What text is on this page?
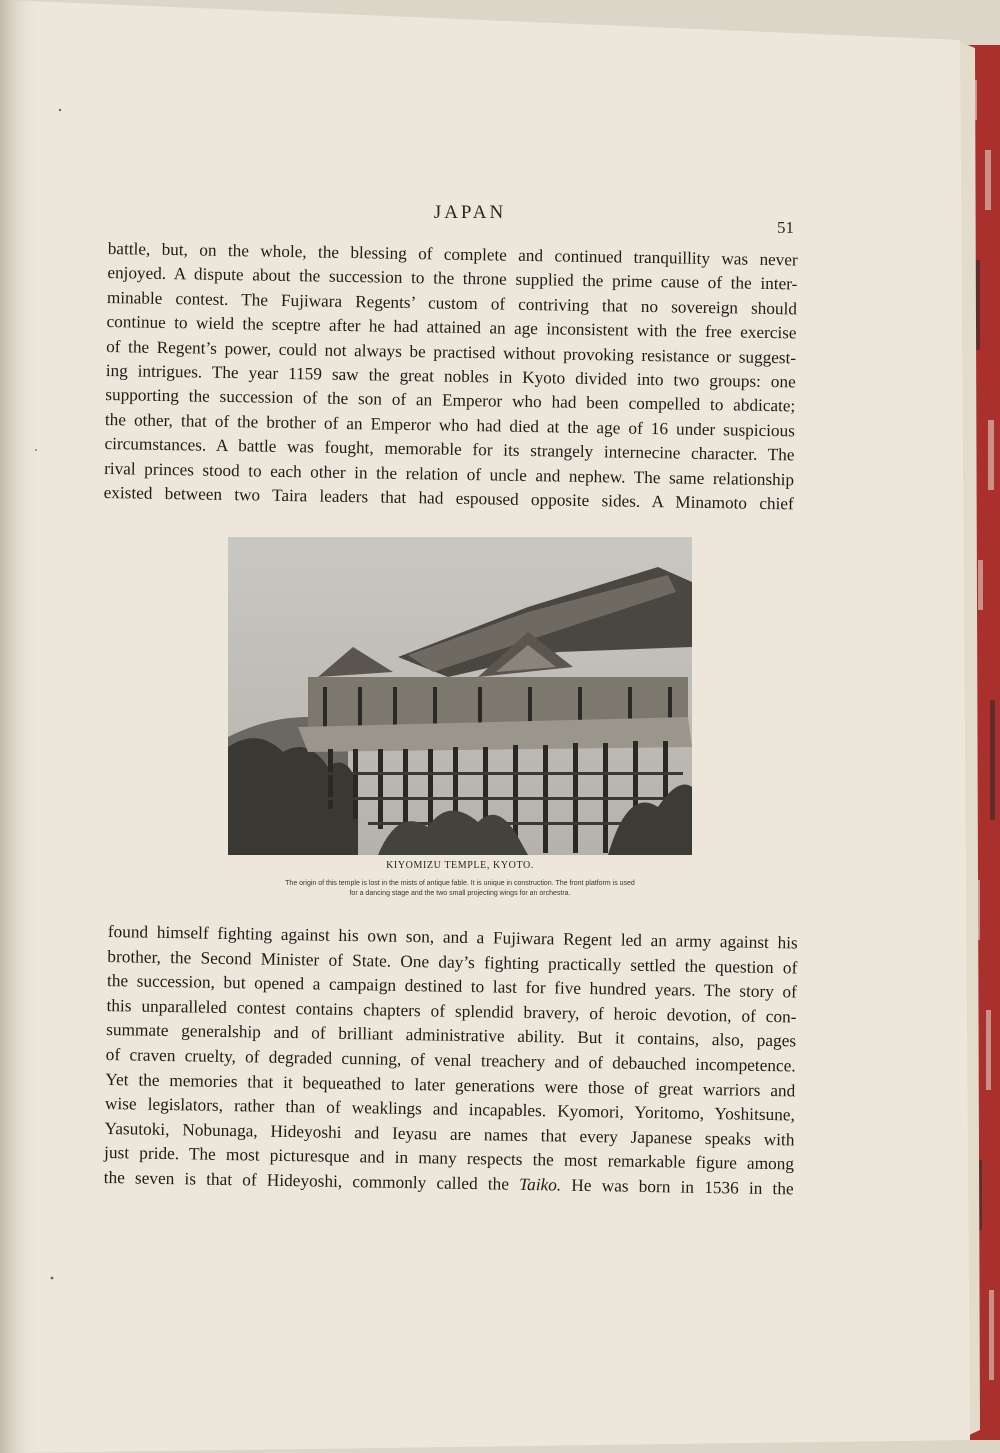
JAPAN
51
battle, but, on the whole, the blessing of complete and continued tranquillity was never
enjoyed. A dispute about the succession to the throne supplied the prime cause of the inter-
minable contest. The Fujiwara Regents’ custom of contriving that no sovereign should
continue to wield the sceptre after he had attained an age inconsistent with the free exercise
of the Regent’s power, could not always be practised without provoking resistance or suggest-
ing intrigues. The year 1159 saw the great nobles in Kyoto divided into two groups: one
supporting the succession of the son of an Emperor who had been compelled to abdicate;
the other, that of the brother of an Emperor who had died at the age of 16 under suspicious
circumstances. A battle was fought, memorable for its strangely internecine character. The
rival princes stood to each other in the relation of uncle and nephew. The same relationship
existed between two Taira leaders that had espoused opposite sides. A Minamoto chief
KIYOMIZU TEMPLE, KYOTO.
The origin of this temple is lost in the mists of antique fable. It is unique in construction. The front platform is used
for a dancing stage and the two small projecting wings for an orchestra.
found himself fighting against his own son, and a Fujiwara Regent led an army against his
brother, the Second Minister of State. One day’s fighting practically settled the question of
the succession, but opened a campaign destined to last for five hundred years. The story of
this unparalleled contest contains chapters of splendid bravery, of heroic devotion, of con-
summate generalship and of brilliant administrative ability. But it contains, also, pages
of craven cruelty, of degraded cunning, of venal treachery and of debauched incompetence.
Yet the memories that it bequeathed to later generations were those of great warriors and
wise legislators, rather than of weaklings and incapables. Kyomori, Yoritomo, Yoshitsune,
Yasutoki, Nobunaga, Hideyoshi and Ieyasu are names that every Japanese speaks with
just pride. The most picturesque and in many respects the most remarkable figure among
the seven is that of Hideyoshi, commonly called the Taiko. He was born in 1536 in the
